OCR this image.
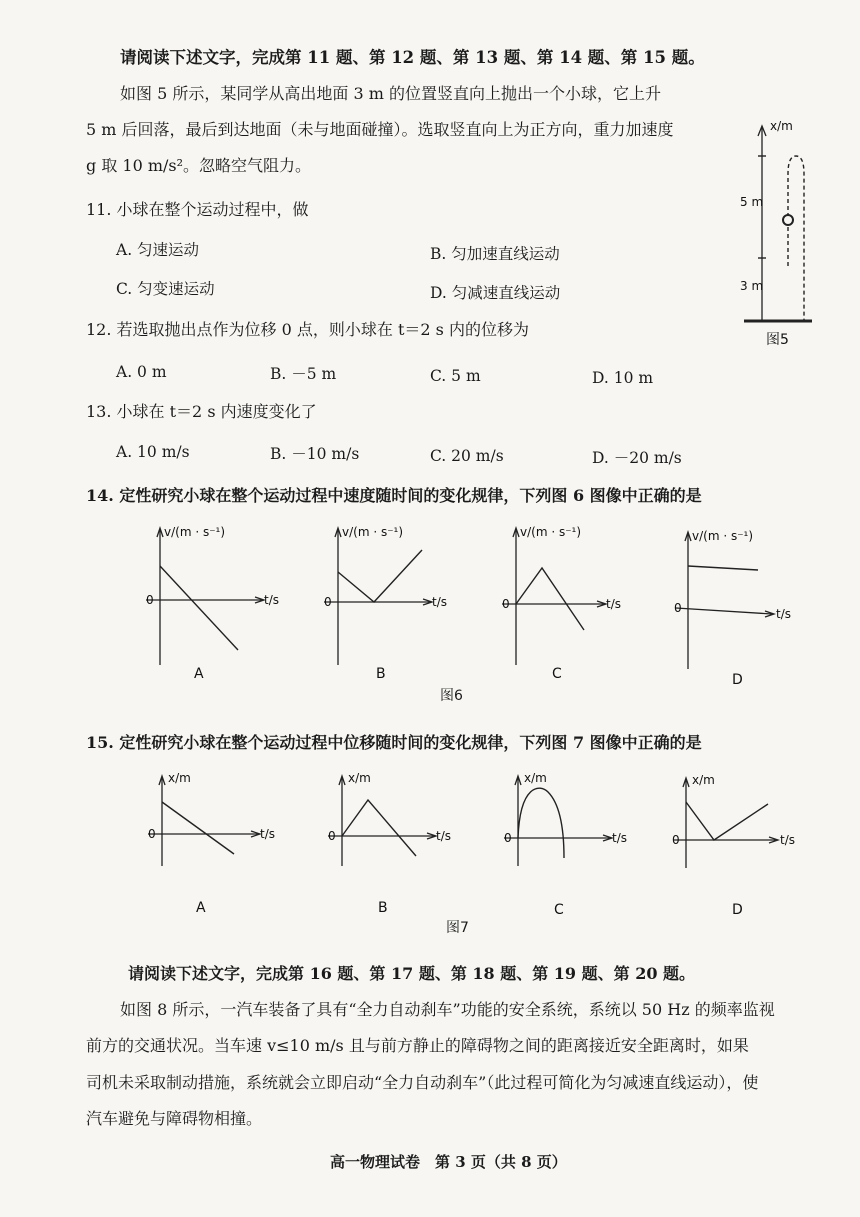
请阅读下述文字，完成第 11 题、第 12 题、第 13 题、第 14 题、第 15 题。
如图 5 所示，某同学从高出地面 3 m 的位置竖直向上抛出一个小球，它上升
5 m 后回落，最后到达地面（未与地面碰撞）。选取竖直向上为正方向，重力加速度
g 取 10 m/s²。忽略空气阻力。
x/m
5 m
3 m
图5
11. 小球在整个运动过程中，做
A. 匀速运动	B. 匀加速直线运动
C. 匀变速运动	D. 匀减速直线运动
12. 若选取抛出点作为位移 0 点，则小球在 t＝2 s 内的位移为
A. 0 m	B. －5 m	C. 5 m	D. 10 m
13. 小球在 t＝2 s 内速度变化了
A. 10 m/s	B. －10 m/s	C. 20 m/s	D. －20 m/s
14. 定性研究小球在整个运动过程中速度随时间的变化规律，下列图 6 图像中正确的是
v/(m · s⁻¹)
t/s
0
A
v/(m · s⁻¹)
t/s
0
B
v/(m · s⁻¹)
t/s
0
C
v/(m · s⁻¹)
t/s
0
D
图6
15. 定性研究小球在整个运动过程中位移随时间的变化规律，下列图 7 图像中正确的是
x/m
t/s
0
A
x/m
t/s
0
B
x/m
t/s
0
C
x/m
t/s
0
D
图7
请阅读下述文字，完成第 16 题、第 17 题、第 18 题、第 19 题、第 20 题。
如图 8 所示，一汽车装备了具有“全力自动刹车”功能的安全系统，系统以 50 Hz 的频率监视
前方的交通状况。当车速 v≤10 m/s 且与前方静止的障碍物之间的距离接近安全距离时，如果
司机未采取制动措施，系统就会立即启动“全力自动刹车”（此过程可简化为匀减速直线运动），使
汽车避免与障碍物相撞。
高一物理试卷　第 3 页（共 8 页）
